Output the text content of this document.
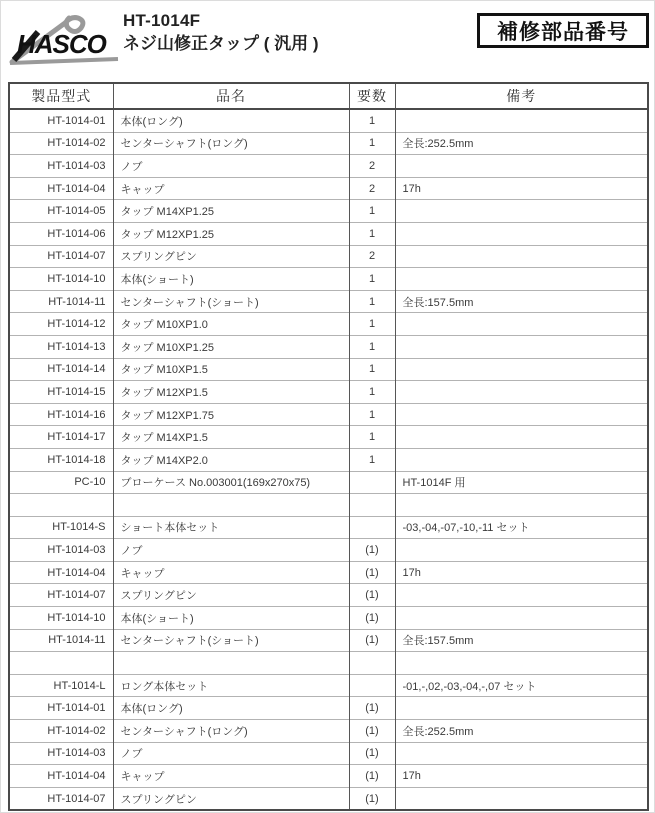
HASCO
HT-1014F
ネジ山修正タップ ( 汎用 )	補修部品番号
製品型式	品名	要数	備考
HT-1014-01	本体(ロング)	1	
HT-1014-02	センターシャフト(ロング)	1	全長:252.5mm
HT-1014-03	ノブ	2	
HT-1014-04	キャップ	2	17h
HT-1014-05	タップ M14XP1.25	1	
HT-1014-06	タップ M12XP1.25	1	
HT-1014-07	スプリングピン	2	
HT-1014-10	本体(ショート)	1	
HT-1014-11	センターシャフト(ショート)	1	全長:157.5mm
HT-1014-12	タップ M10XP1.0	1	
HT-1014-13	タップ M10XP1.25	1	
HT-1014-14	タップ M10XP1.5	1	
HT-1014-15	タップ M12XP1.5	1	
HT-1014-16	タップ M12XP1.75	1	
HT-1014-17	タップ M14XP1.5	1	
HT-1014-18	タップ M14XP2.0	1	
PC-10	ブローケース No.003001(169x270x75)		HT-1014F 用

HT-1014-S	ショート本体セット		-03,-04,-07,-10,-11 セット
HT-1014-03	ノブ	(1)	
HT-1014-04	キャップ	(1)	17h
HT-1014-07	スプリングピン	(1)	
HT-1014-10	本体(ショート)	(1)	
HT-1014-11	センターシャフト(ショート)	(1)	全長:157.5mm

HT-1014-L	ロング本体セット		-01,-,02,-03,-04,-,07 セット
HT-1014-01	本体(ロング)	(1)	
HT-1014-02	センターシャフト(ロング)	(1)	全長:252.5mm
HT-1014-03	ノブ	(1)	
HT-1014-04	キャップ	(1)	17h
HT-1014-07	スプリングピン	(1)	
